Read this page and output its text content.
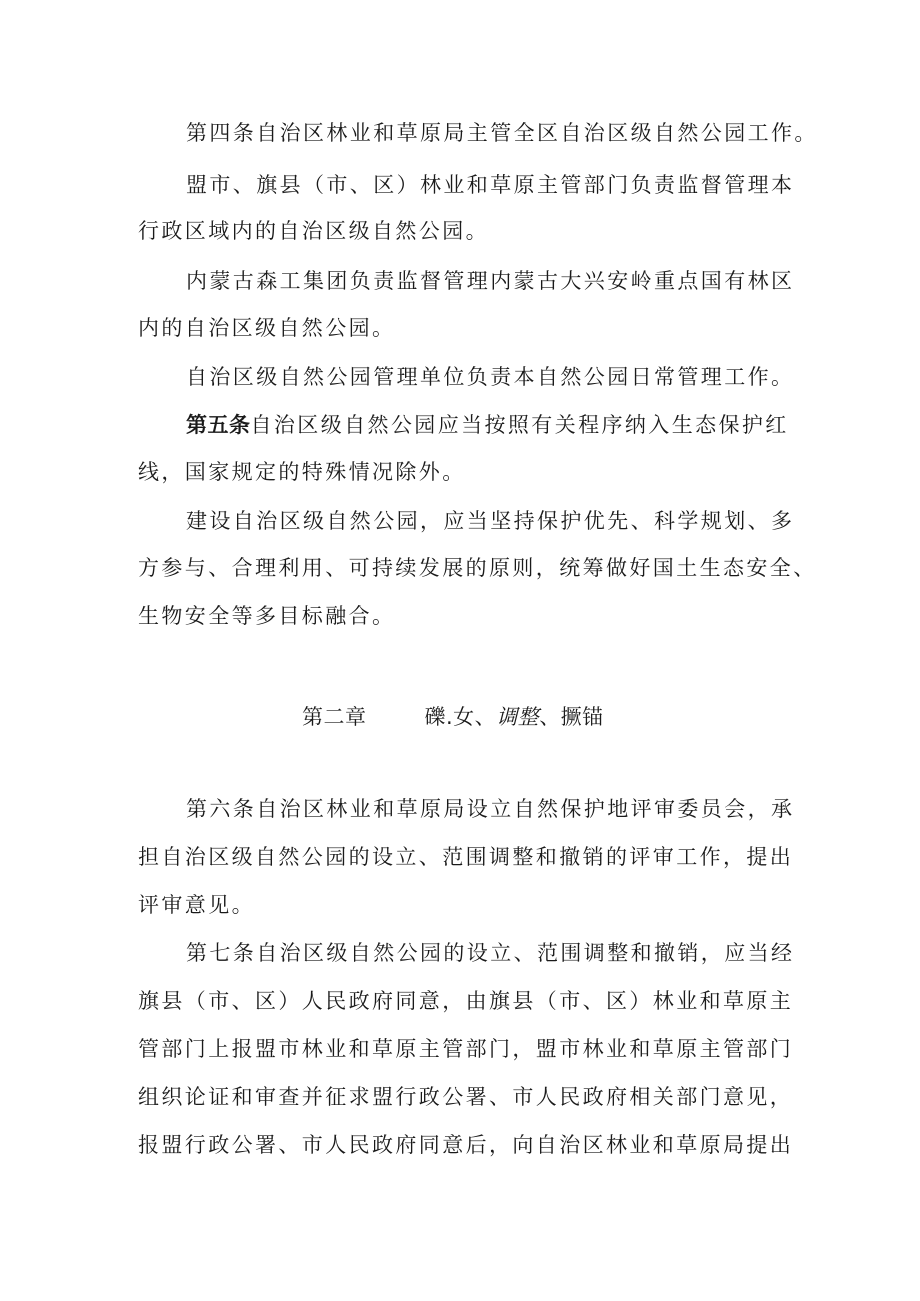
第四条自治区林业和草原局主管全区自治区级自然公园工作。
盟市、旗县（市、区）林业和草原主管部门负责监督管理本
行政区域内的自治区级自然公园。
内蒙古森工集团负责监督管理内蒙古大兴安岭重点国有林区
内的自治区级自然公园。
自治区级自然公园管理单位负责本自然公园日常管理工作。
第五条自治区级自然公园应当按照有关程序纳入生态保护红
线，国家规定的特殊情况除外。
建设自治区级自然公园，应当坚持保护优先、科学规划、多
方参与、合理利用、可持续发展的原则，统筹做好国土生态安全、
生物安全等多目标融合。
第二章	礫.女、调整、撅锚
第六条自治区林业和草原局设立自然保护地评审委员会，承
担自治区级自然公园的设立、范围调整和撤销的评审工作，提出
评审意见。
第七条自治区级自然公园的设立、范围调整和撤销，应当经
旗县（市、区）人民政府同意，由旗县（市、区）林业和草原主
管部门上报盟市林业和草原主管部门，盟市林业和草原主管部门
组织论证和审查并征求盟行政公署、市人民政府相关部门意见，
报盟行政公署、市人民政府同意后，向自治区林业和草原局提出
